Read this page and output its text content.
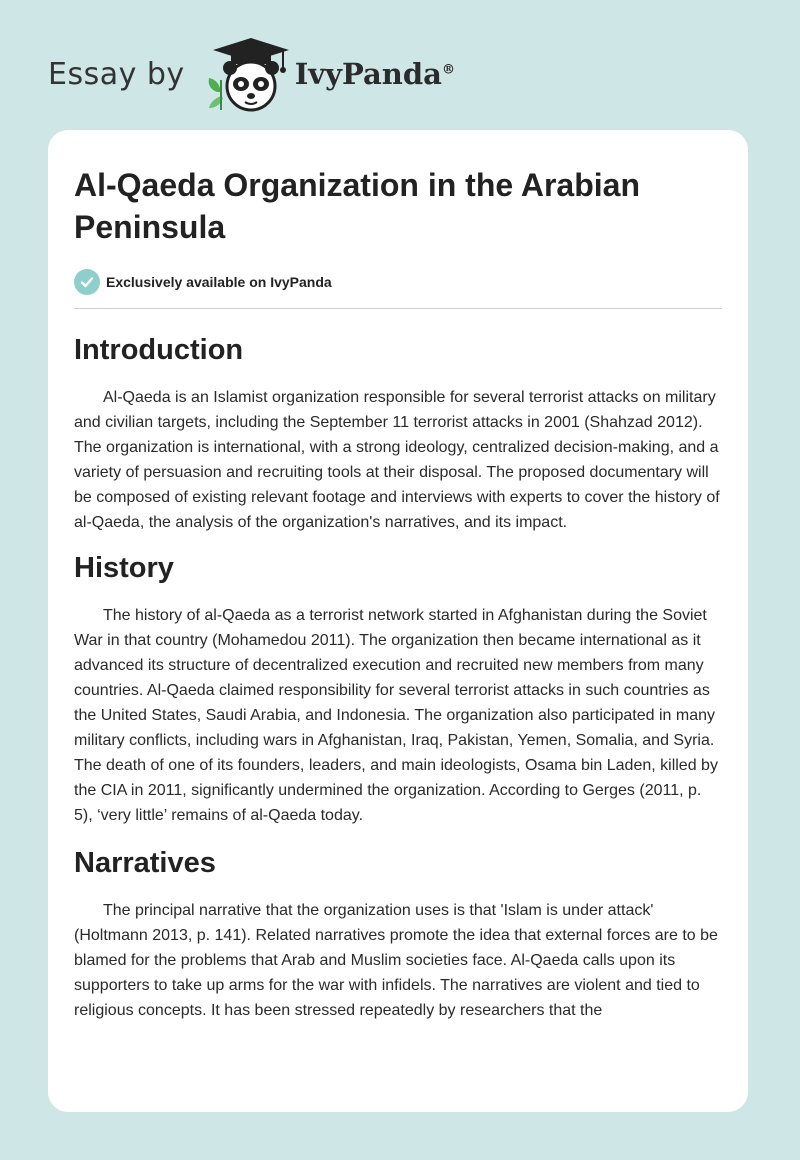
Essay by	IvyPanda®
Al-Qaeda Organization in the Arabian Peninsula
Exclusively available on IvyPanda
Introduction

Al-Qaeda is an Islamist organization responsible for several terrorist attacks on military and civilian targets, including the September 11 terrorist attacks in 2001 (Shahzad 2012). The organization is international, with a strong ideology, centralized decision-making, and a variety of persuasion and recruiting tools at their disposal. The proposed documentary will be composed of existing relevant footage and interviews with experts to cover the history of al-Qaeda, the analysis of the organization's narratives, and its impact.

History

The history of al-Qaeda as a terrorist network started in Afghanistan during the Soviet War in that country (Mohamedou 2011). The organization then became international as it advanced its structure of decentralized execution and recruited new members from many countries. Al-Qaeda claimed responsibility for several terrorist attacks in such countries as the United States, Saudi Arabia, and Indonesia. The organization also participated in many military conflicts, including wars in Afghanistan, Iraq, Pakistan, Yemen, Somalia, and Syria. The death of one of its founders, leaders, and main ideologists, Osama bin Laden, killed by the CIA in 2011, significantly undermined the organization. According to Gerges (2011, p. 5), ‘very little’ remains of al-Qaeda today.

Narratives

The principal narrative that the organization uses is that 'Islam is under attack' (Holtmann 2013, p. 141). Related narratives promote the idea that external forces are to be blamed for the problems that Arab and Muslim societies face. Al-Qaeda calls upon its supporters to take up arms for the war with infidels. The narratives are violent and tied to religious concepts. It has been stressed repeatedly by researchers that the
